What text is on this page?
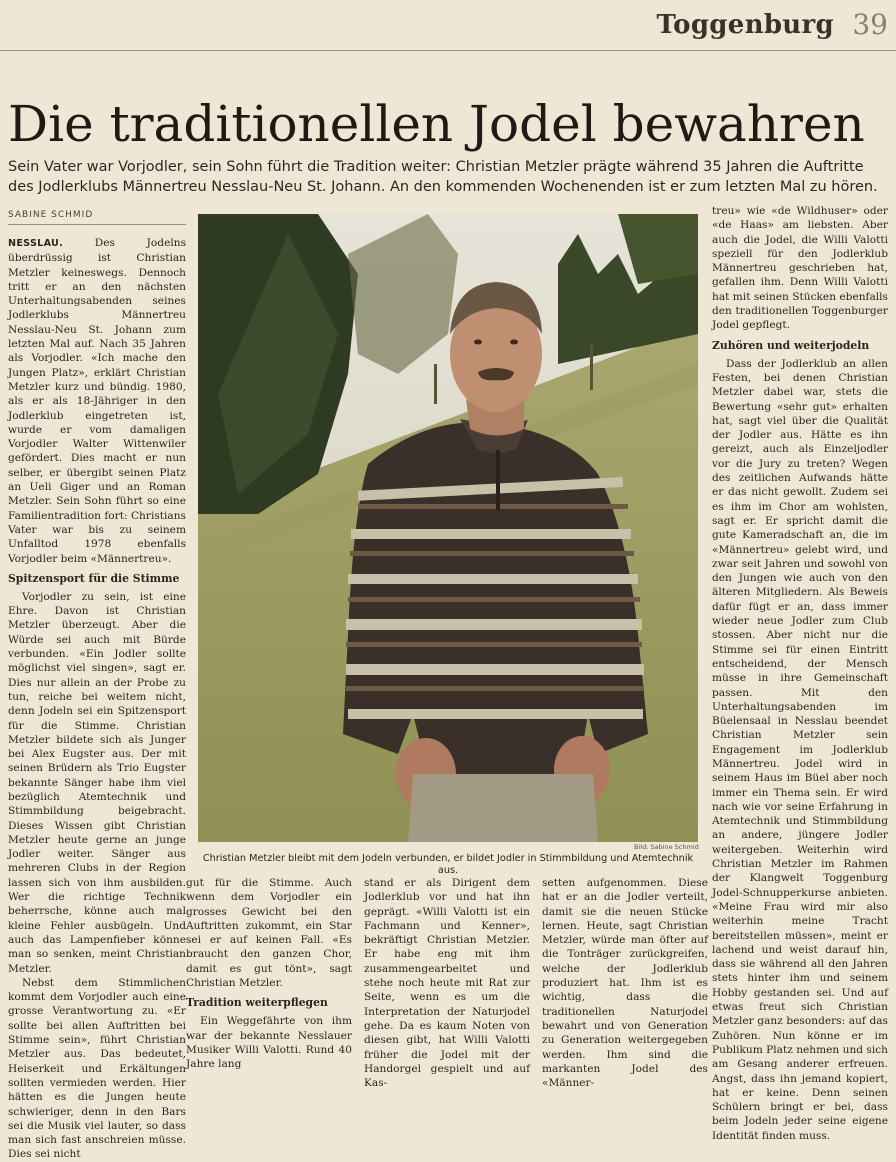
Toggenburg 39
Die traditionellen Jodel bewahren
Sein Vater war Vorjodler, sein Sohn führt die Tradition weiter: Christian Metzler prägte während 35 Jahren die Auftritte des Jodlerklubs Männertreu Nesslau-Neu St. Johann. An den kommenden Wochenenden ist er zum letzten Mal zu hören.
SABINE SCHMID

NESSLAU.	Des Jodelns überdrüssig ist Christian Metzler keineswegs. Dennoch tritt er an den nächsten Unterhaltungsabenden seines Jodlerklubs Männertreu Nesslau-Neu St. Johann zum letzten Mal auf. Nach 35 Jahren als Vorjodler. «Ich mache den Jungen Platz», erklärt Christian Metzler kurz und bündig. 1980, als er als 18-Jähriger in den Jodlerklub eingetreten ist, wurde er vom damaligen Vorjodler Walter Wittenwiler gefördert. Dies macht er nun selber, er übergibt seinen Platz an Ueli Giger und an Roman Metzler. Sein Sohn führt so eine Familientradition fort: Christians Vater war bis zu seinem Unfalltod 1978 ebenfalls Vorjodler beim «Männertreu».

Spitzensport für die Stimme

Vorjodler zu sein, ist eine Ehre. Davon ist Christian Metzler überzeugt. Aber die Würde sei auch mit Bürde verbunden. «Ein Jodler sollte möglichst viel singen», sagt er. Dies nur allein an der Probe zu tun, reiche bei weitem nicht, denn Jodeln sei ein Spitzensport für die Stimme. Christian Metzler bildete sich als Junger bei Alex Eugster aus. Der mit seinen Brüdern als Trio Eugster bekannte Sänger habe ihm viel bezüglich Atemtechnik und Stimmbildung beigebracht. Dieses Wissen gibt Christian Metzler heute gerne an junge Jodler weiter. Sänger aus mehreren Clubs in der Region lassen sich von ihm ausbilden. Wer die richtige Technik beherrsche, könne auch mal kleine Fehler ausbügeln. Und auch das Lampenfieber könne man so senken, meint Christian Metzler.

Nebst dem Stimmlichen kommt dem Vorjodler auch eine grosse Verantwortung zu. «Er sollte bei allen Auftritten bei Stimme sein», führt Christian Metzler aus. Das bedeutet, Heiserkeit und Erkältungen sollten vermieden werden. Hier hätten es die Jungen heute schwieriger, denn in den Bars sei die Musik viel lauter, so dass man sich fast anschreien müsse. Dies sei nicht

Bild: Sabine Schmid
Christian Metzler bleibt mit dem Jodeln verbunden, er bildet Jodler in Stimmbildung und Atemtechnik aus.

gut für die Stimme. Auch wenn dem Vorjodler ein grosses Gewicht bei den Auftritten zukommt, ein Star sei er auf keinen Fall. «Es braucht den ganzen Chor, damit es gut tönt», sagt Christian Metzler.

Tradition weiterpflegen

Ein Weggefährte von ihm war der bekannte Nesslauer Musiker Willi Valotti. Rund 40 Jahre lang

stand er als Dirigent dem Jodlerklub vor und hat ihn geprägt. «Willi Valotti ist ein Fachmann und Kenner», bekräftigt Christian Metzler. Er habe eng mit ihm zusammengearbeitet und stehe noch heute mit Rat zur Seite, wenn es um die Interpretation der Naturjodel gehe. Da es kaum Noten von diesen gibt, hat Willi Valotti früher die Jodel mit der Handorgel gespielt und auf Kas-

setten aufgenommen. Diese hat er an die Jodler verteilt, damit sie die neuen Stücke lernen. Heute, sagt Christian Metzler, würde man öfter auf die Tonträger zurückgreifen, welche der Jodlerklub produziert hat. Ihm ist es wichtig, dass die traditionellen Naturjodel bewahrt und von Generation zu Generation weitergegeben werden. Ihm sind die markanten Jodel des «Männer-

treu» wie «de Wildhuser» oder «de Haas» am liebsten. Aber auch die Jodel, die Willi Valotti speziell für den Jodlerklub Männertreu geschrieben hat, gefallen ihm. Denn Willi Valotti hat mit seinen Stücken ebenfalls den traditionellen Toggenburger Jodel gepflegt.

Zuhören und weiterjodeln

Dass der Jodlerklub an allen Festen, bei denen Christian Metzler dabei war, stets die Bewertung «sehr gut» erhalten hat, sagt viel über die Qualität der Jodler aus. Hätte es ihn gereizt, auch als Einzeljodler vor die Jury zu treten? Wegen des zeitlichen Aufwands hätte er das nicht gewollt. Zudem sei es ihm im Chor am wohlsten, sagt er. Er spricht damit die gute Kameradschaft an, die im «Männertreu» gelebt wird, und zwar seit Jahren und sowohl von den Jungen wie auch von den älteren Mitgliedern. Als Beweis dafür fügt er an, dass immer wieder neue Jodler zum Club stossen. Aber nicht nur die Stimme sei für einen Eintritt entscheidend, der Mensch müsse in ihre Gemeinschaft passen. Mit den Unterhaltungsabenden im Büelensaal in Nesslau beendet Christian Metzler sein Engagement im Jodlerklub Männertreu. Jodel wird in seinem Haus im Büel aber noch immer ein Thema sein. Er wird nach wie vor seine Erfahrung in Atemtechnik und Stimmbildung an andere, jüngere Jodler weitergeben. Weiterhin wird Christian Metzler im Rahmen der Klangwelt Toggenburg Jodel-Schnupperkurse anbieten. «Meine Frau wird mir also weiterhin meine Tracht bereitstellen müssen», meint er lachend und weist darauf hin, dass sie während all den Jahren stets hinter ihm und seinem Hobby gestanden sei. Und auf etwas freut sich Christian Metzler ganz besonders: auf das Zuhören. Nun könne er im Publikum Platz nehmen und sich am Gesang anderer erfreuen. Angst, dass ihn jemand kopiert, hat er keine. Denn seinen Schülern bringt er bei, dass beim Jodeln jeder seine eigene Identität finden muss.
